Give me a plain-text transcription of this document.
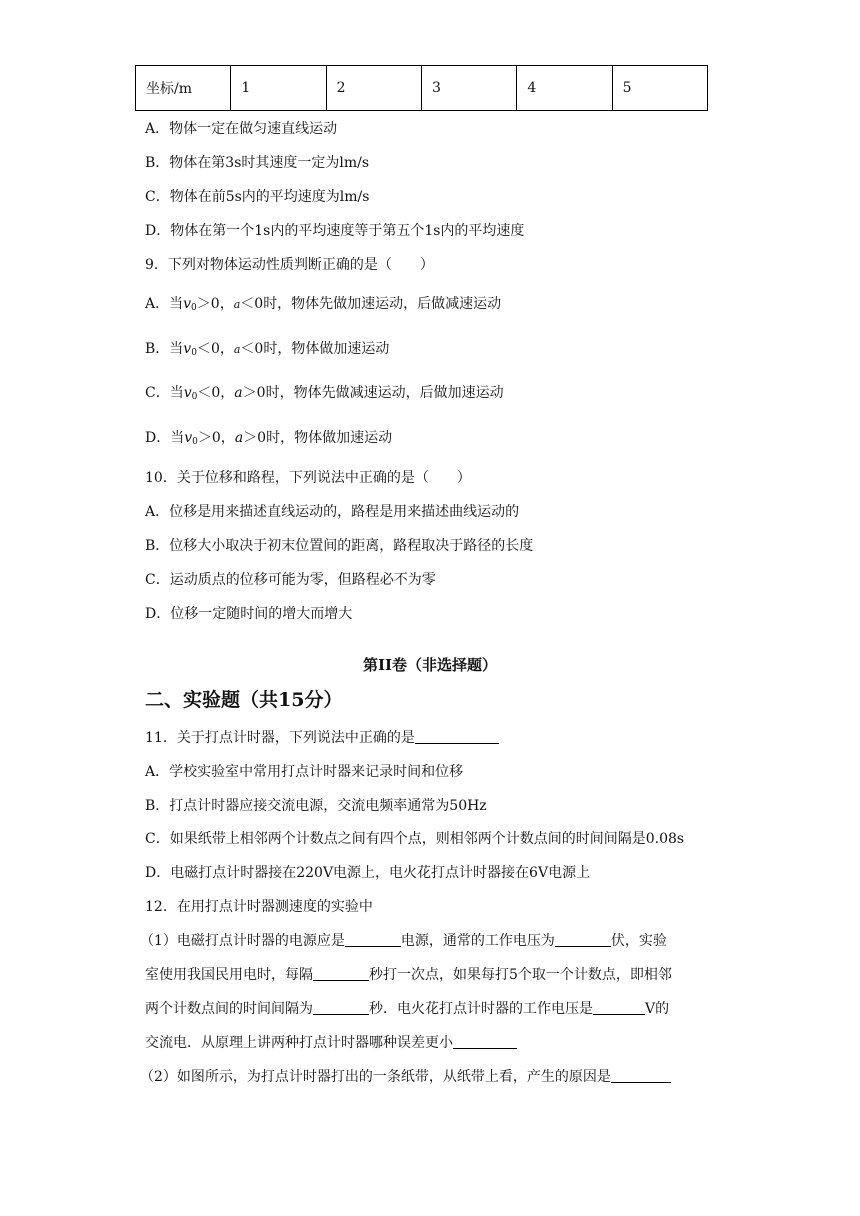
坐标/m	1	2	3	4	5
A．物体一定在做匀速直线运动
B．物体在第3s时其速度一定为lm/s
C．物体在前5s内的平均速度为lm/s
D．物体在第一个1s内的平均速度等于第五个1s内的平均速度
9．下列对物体运动性质判断正确的是（　　）
A．当$v_0>0$，a＜0时，物体先做加速运动，后做减速运动
B．当$v_0<0$，a＜0时，物体做加速运动
C．当$v_0<0$，a＞0时，物体先做减速运动，后做加速运动
D．当$v_0>0$，a＞0时，物体做加速运动
10．关于位移和路程，下列说法中正确的是（　　）
A．位移是用来描述直线运动的，路程是用来描述曲线运动的
B．位移大小取决于初末位置间的距离，路程取决于路径的长度
C．运动质点的位移可能为零，但路程必不为零
D．位移一定随时间的增大而增大
第II卷（非选择题）
二、实验题（共15分）
11．关于打点计时器，下列说法中正确的是
A．学校实验室中常用打点计时器来记录时间和位移
B．打点计时器应接交流电源，交流电频率通常为50Hz
C．如果纸带上相邻两个计数点之间有四个点，则相邻两个计数点间的时间间隔是0.08s
D．电磁打点计时器接在220V电源上，电火花打点计时器接在6V电源上
12．在用打点计时器测速度的实验中
（1）电磁打点计时器的电源应是	电源，通常的工作电压为	伏，实验
室使用我国民用电时，每隔	秒打一次点，如果每打5个取一个计数点，即相邻
两个计数点间的时间间隔为	秒．电火花打点计时器的工作电压是	V的
交流电．从原理上讲两种打点计时器哪种误差更小
（2）如图所示，为打点计时器打出的一条纸带，从纸带上看，产生的原因是
